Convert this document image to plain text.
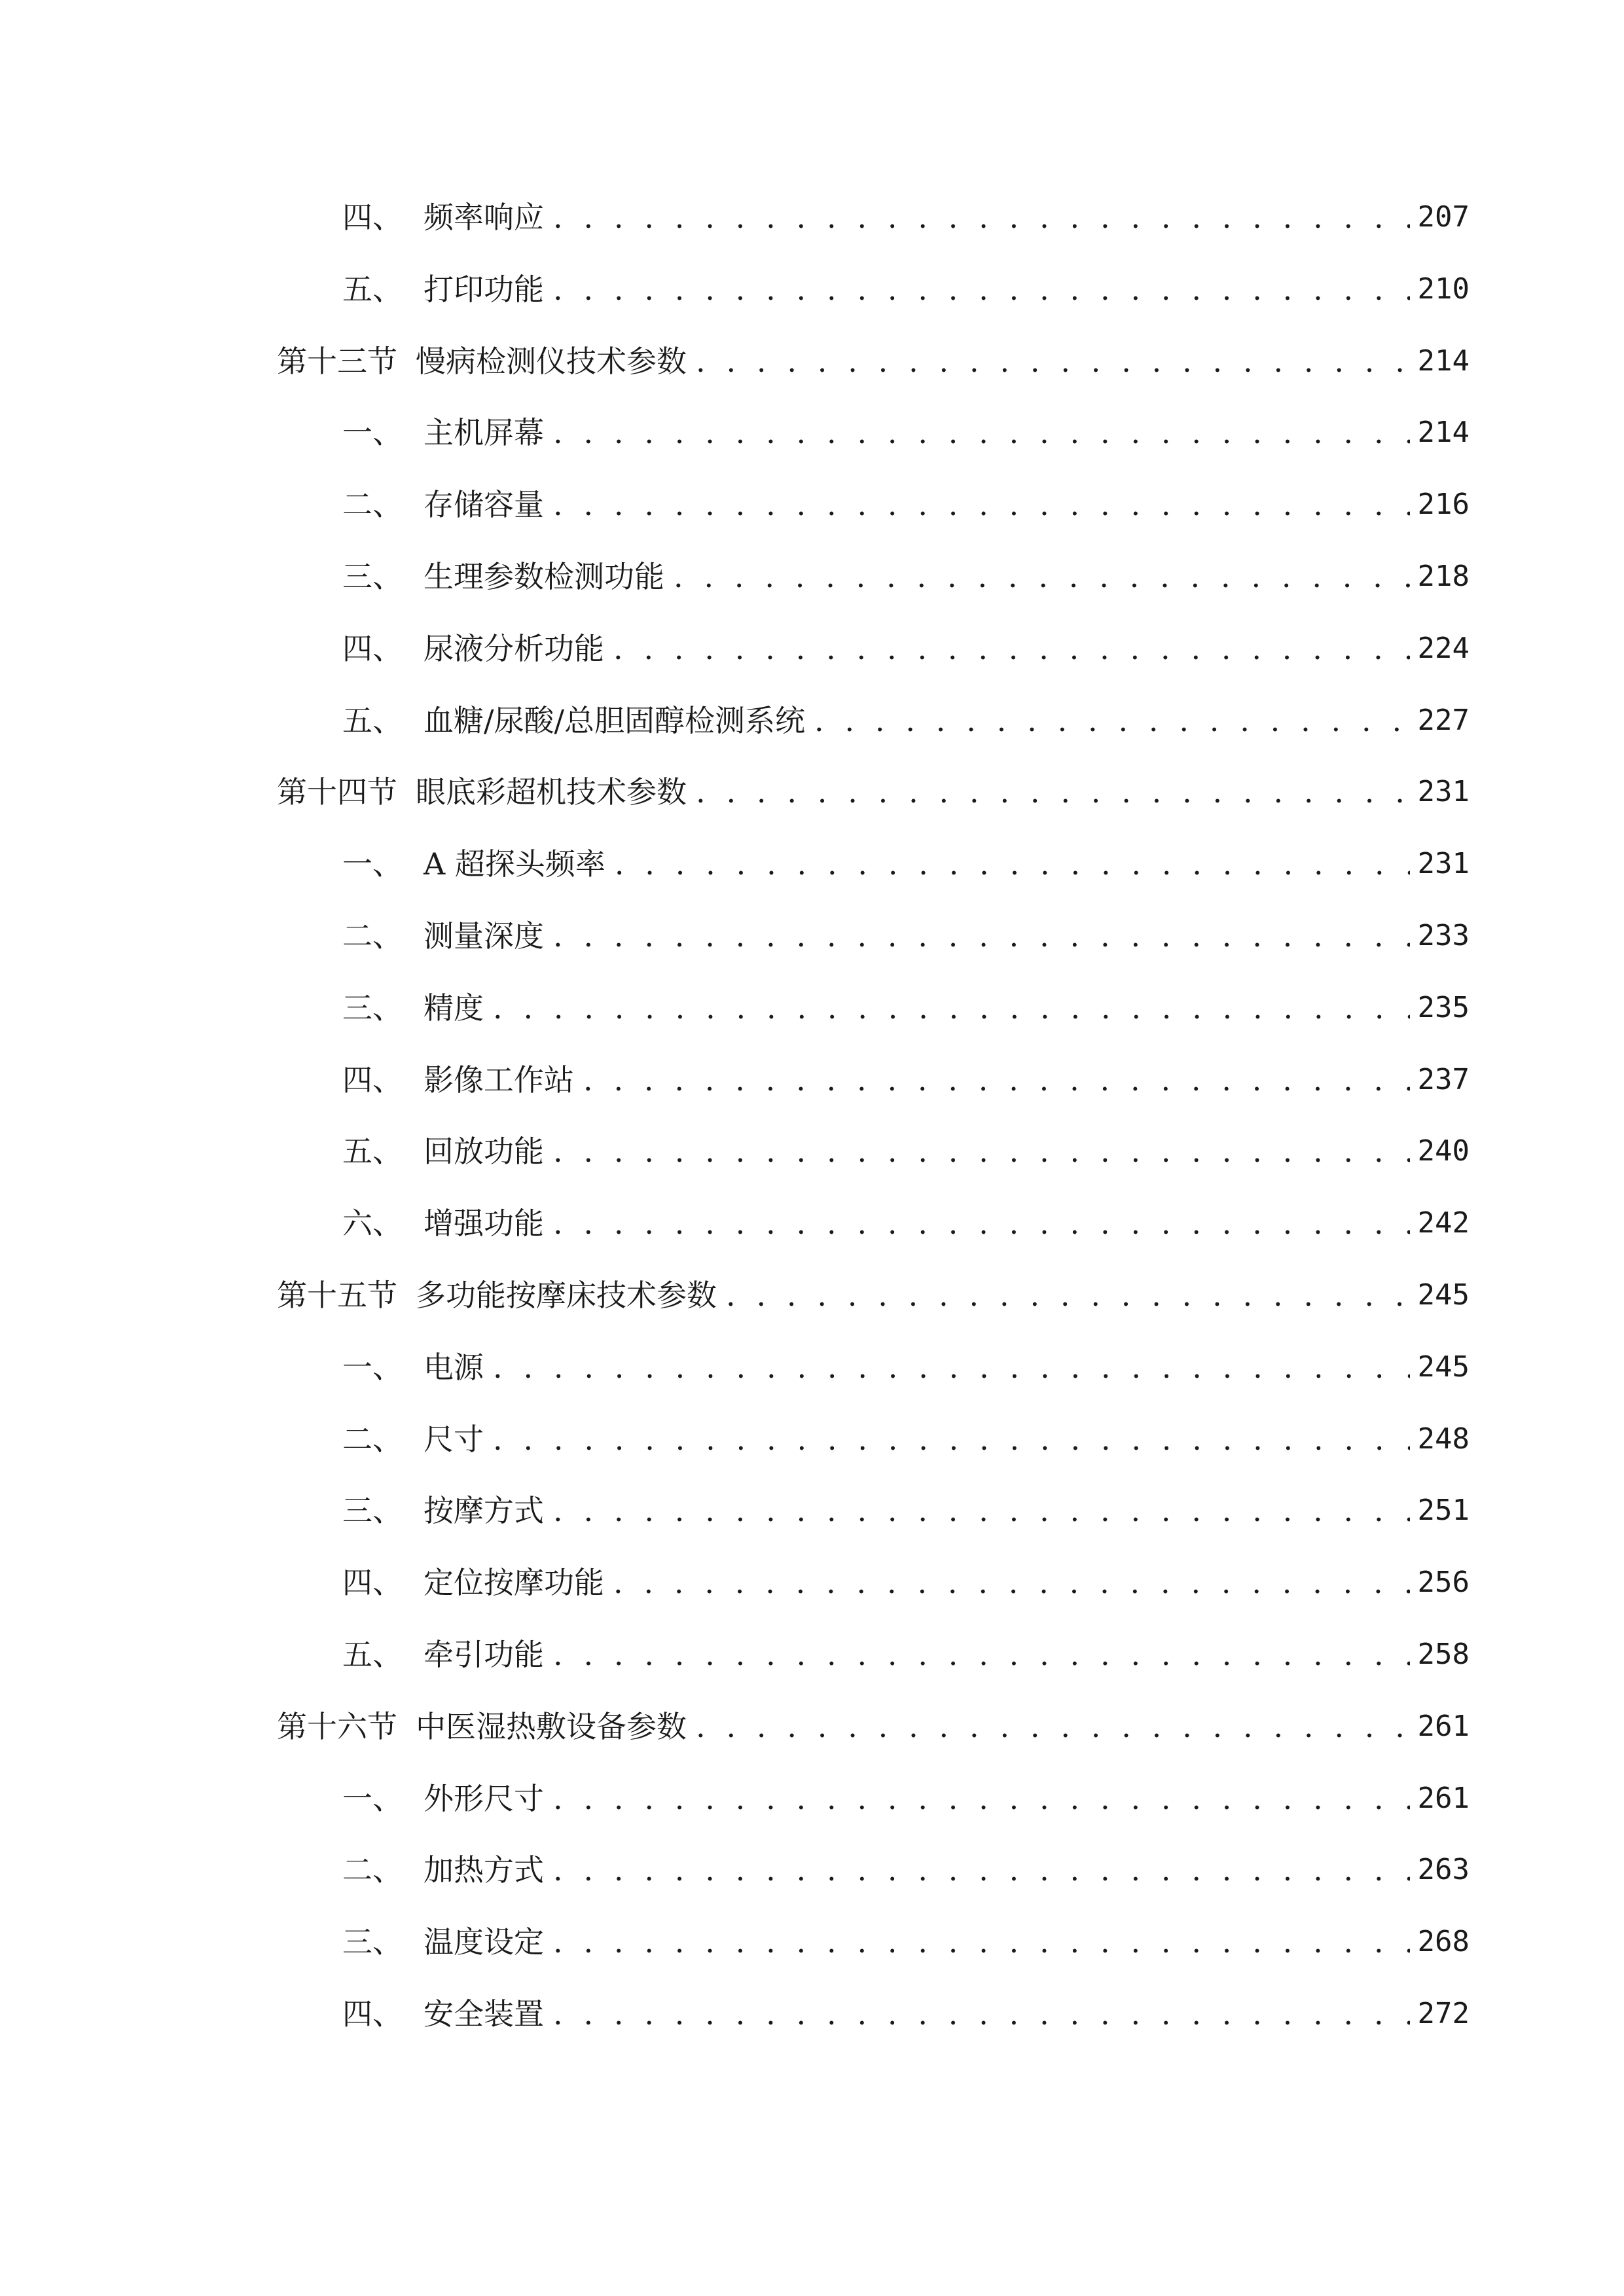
四、 频率响应 . . .	207
五、 打印功能 . . .	210
第十三节 慢病检测仪技术参数 . . .	214
一、 主机屏幕 . . .	214
二、 存储容量 . . .	216
三、 生理参数检测功能 . . .	218
四、 尿液分析功能 . . .	224
五、 血糖/尿酸/总胆固醇检测系统 . . .	227
第十四节 眼底彩超机技术参数 . . .	231
一、 A 超探头频率 . . .	231
二、 测量深度 . . .	233
三、 精度 . . .	235
四、 影像工作站 . . .	237
五、 回放功能 . . .	240
六、 增强功能 . . .	242
第十五节 多功能按摩床技术参数 . . .	245
一、 电源 . . .	245
二、 尺寸 . . .	248
三、 按摩方式 . . .	251
四、 定位按摩功能 . . .	256
五、 牵引功能 . . .	258
第十六节 中医湿热敷设备参数 . . .	261
一、 外形尺寸 . . .	261
二、 加热方式 . . .	263
三、 温度设定 . . .	268
四、 安全装置 . . .	272
